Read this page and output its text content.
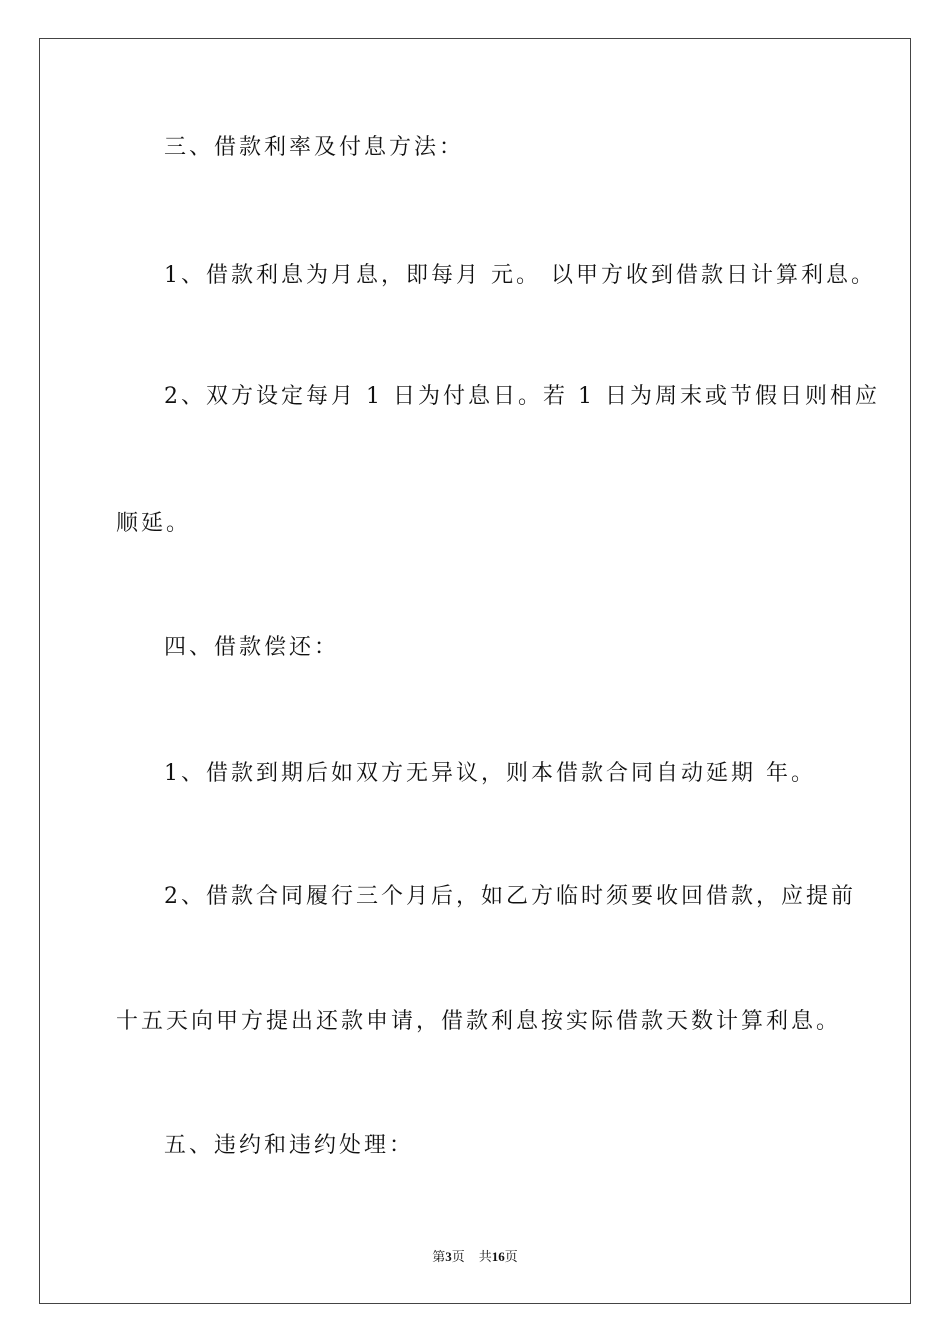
三、借款利率及付息方法：
1、借款利息为月息，即每月 元。 以甲方收到借款日计算利息。
2、双方设定每月 1 日为付息日。若 1 日为周末或节假日则相应
顺延。
四、借款偿还：
1、借款到期后如双方无异议，则本借款合同自动延期 年。
2、借款合同履行三个月后，如乙方临时须要收回借款，应提前
十五天向甲方提出还款申请，借款利息按实际借款天数计算利息。
五、违约和违约处理：
第3页 共16页
